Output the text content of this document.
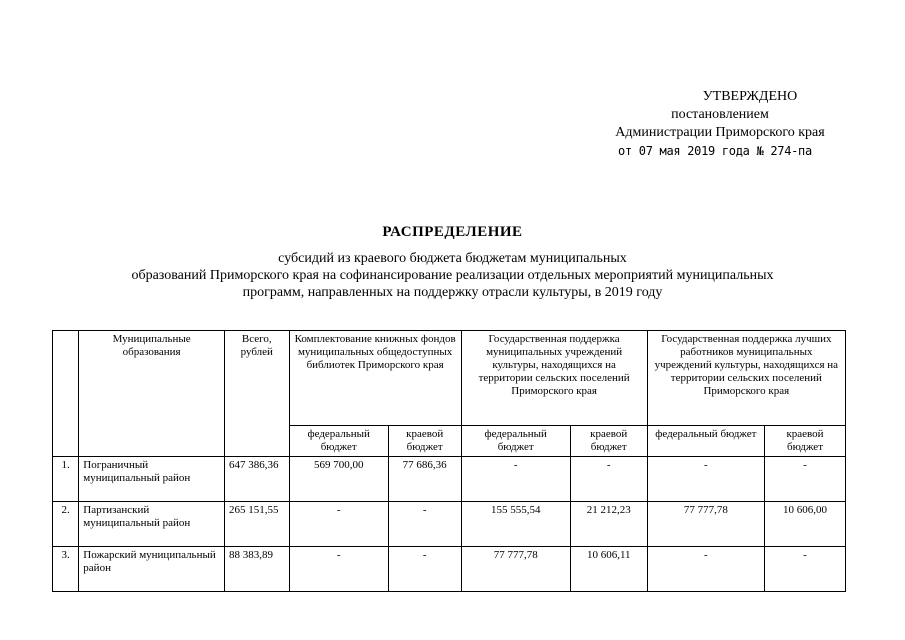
УТВЕРЖДЕНО
постановлением
Администрации Приморского края
от 07 мая 2019 года № 274-па
РАСПРЕДЕЛЕНИЕ
субсидий из краевого бюджета бюджетам муниципальных
образований Приморского края на софинансирование реализации отдельных мероприятий муниципальных
программ, направленных на поддержку отрасли культуры, в 2019 году
	Муниципальные образования	Всего, рублей	Комплектование книжных фондов муниципальных общедоступных библиотек Приморского края		Государственная поддержка муниципальных учреждений культуры, находящихся на территории сельских поселений Приморского края		Государственная поддержка лучших работников муниципальных учреждений культуры, находящихся на территории сельских поселений Приморского края	
			федеральный бюджет	краевой бюджет	федеральный бюджет	краевой бюджет	федеральный бюджет	краевой бюджет
1.	Пограничный муниципальный район	647 386,36	569 700,00	77 686,36	-	-	-	-
2.	Партизанский муниципальный район	265 151,55	-	-	155 555,54	21 212,23	77 777,78	10 606,00
3.	Пожарский муниципальный район	88 383,89	-	-	77 777,78	10 606,11	-	-
